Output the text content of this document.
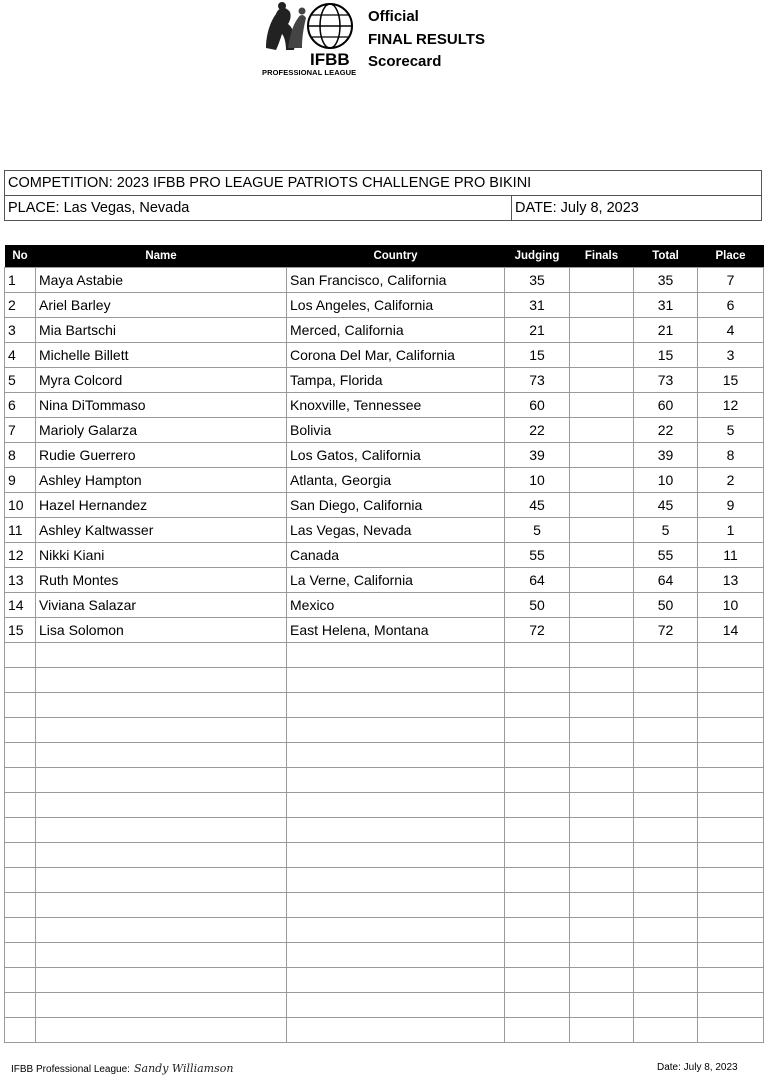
IFBB
PROFESSIONAL LEAGUE
Official
FINAL RESULTS
Scorecard
COMPETITION: 2023 IFBB PRO LEAGUE PATRIOTS CHALLENGE PRO BIKINI
PLACE: Las Vegas, Nevada	DATE: July 8, 2023
No	Name	Country	Judging	Finals	Total	Place
1	Maya Astabie	San Francisco, California	35		35	7
2	Ariel Barley	Los Angeles, California	31		31	6
3	Mia Bartschi	Merced, California	21		21	4
4	Michelle Billett	Corona Del Mar, California	15		15	3
5	Myra Colcord	Tampa, Florida	73		73	15
6	Nina DiTommaso	Knoxville, Tennessee	60		60	12
7	Marioly Galarza	Bolivia	22		22	5
8	Rudie Guerrero	Los Gatos, California	39		39	8
9	Ashley Hampton	Atlanta, Georgia	10		10	2
10	Hazel Hernandez	San Diego, California	45		45	9
11	Ashley Kaltwasser	Las Vegas, Nevada	5		5	1
12	Nikki Kiani	Canada	55		55	11
13	Ruth Montes	La Verne, California	64		64	13
14	Viviana Salazar	Mexico	50		50	10
15	Lisa Solomon	East Helena, Montana	72		72	14

IFBB Professional League: Sandy Williamson	Date: July 8, 2023
